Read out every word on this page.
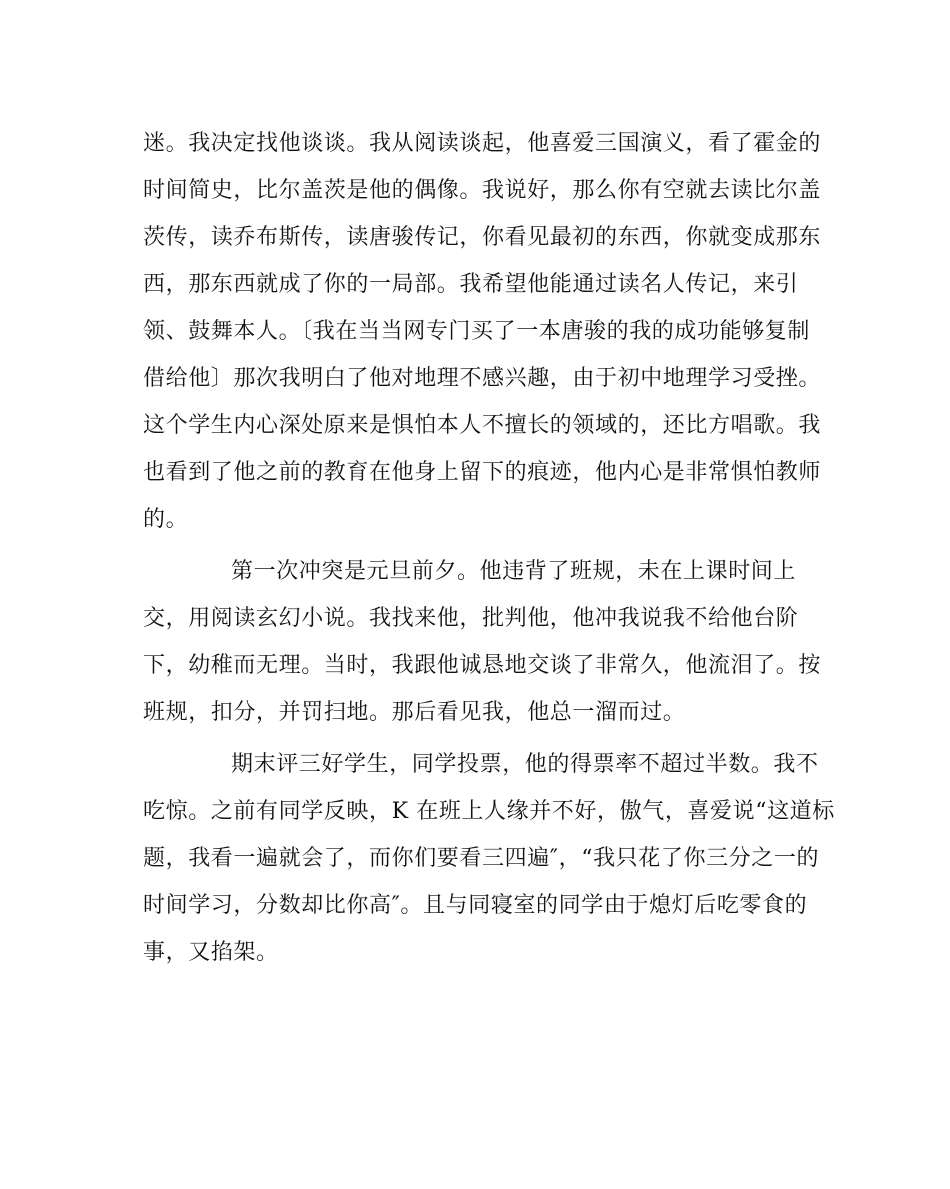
迷。我决定找他谈谈。我从阅读谈起，他喜爱三国演义，看了霍金的
时间简史，比尔盖茨是他的偶像。我说好，那么你有空就去读比尔盖
茨传，读乔布斯传，读唐骏传记，你看见最初的东西，你就变成那东
西，那东西就成了你的一局部。我希望他能通过读名人传记，来引
领、鼓舞本人。〔我在当当网专门买了一本唐骏的我的成功能够复制
借给他〕那次我明白了他对地理不感兴趣，由于初中地理学习受挫。
这个学生内心深处原来是惧怕本人不擅长的领域的，还比方唱歌。我
也看到了他之前的教育在他身上留下的痕迹，他内心是非常惧怕教师
的。
第一次冲突是元旦前夕。他违背了班规，未在上课时间上
交，用阅读玄幻小说。我找来他，批判他，他冲我说我不给他台阶
下，幼稚而无理。当时，我跟他诚恳地交谈了非常久，他流泪了。按
班规，扣分，并罚扫地。那后看见我，他总一溜而过。
期末评三好学生，同学投票，他的得票率不超过半数。我不
吃惊。之前有同学反映，K 在班上人缘并不好，傲气，喜爱说“这道标
题，我看一遍就会了，而你们要看三四遍″，“我只花了你三分之一的
时间学习，分数却比你高″。且与同寝室的同学由于熄灯后吃零食的
事，又掐架。
